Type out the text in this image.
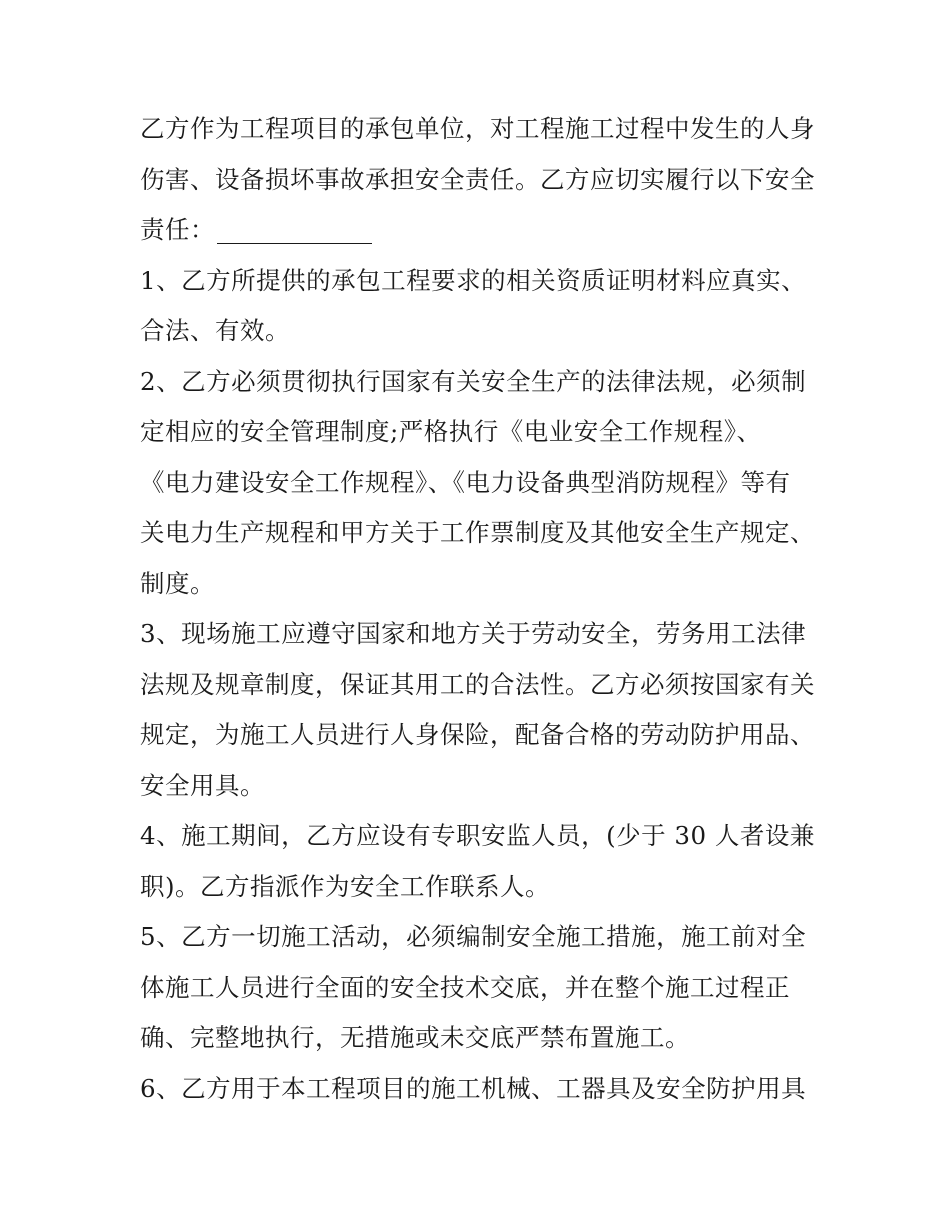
乙方作为工程项目的承包单位，对工程施工过程中发生的人身
伤害、设备损坏事故承担安全责任。乙方应切实履行以下安全
责任：
1、乙方所提供的承包工程要求的相关资质证明材料应真实、
合法、有效。
2、乙方必须贯彻执行国家有关安全生产的法律法规，必须制
定相应的安全管理制度;严格执行《电业安全工作规程》、
《电力建设安全工作规程》、《电力设备典型消防规程》等有
关电力生产规程和甲方关于工作票制度及其他安全生产规定、
制度。
3、现场施工应遵守国家和地方关于劳动安全，劳务用工法律
法规及规章制度，保证其用工的合法性。乙方必须按国家有关
规定，为施工人员进行人身保险，配备合格的劳动防护用品、
安全用具。
4、施工期间，乙方应设有专职安监人员，(少于 30 人者设兼
职)。乙方指派作为安全工作联系人。
5、乙方一切施工活动，必须编制安全施工措施，施工前对全
体施工人员进行全面的安全技术交底，并在整个施工过程正
确、完整地执行，无措施或未交底严禁布置施工。
6、乙方用于本工程项目的施工机械、工器具及安全防护用具
